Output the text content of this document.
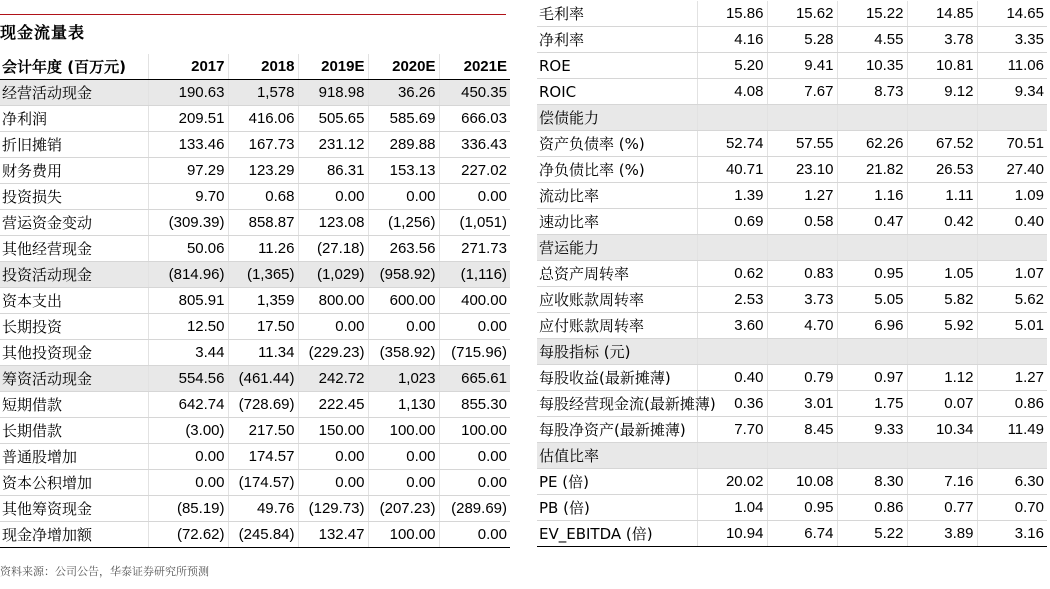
现金流量表
会计年度 (百万元)	2017	2018	2019E	2020E	2021E
经营活动现金	190.63	1,578	918.98	36.26	450.35
净利润	209.51	416.06	505.65	585.69	666.03
折旧摊销	133.46	167.73	231.12	289.88	336.43
财务费用	97.29	123.29	86.31	153.13	227.02
投资损失	9.70	0.68	0.00	0.00	0.00
营运资金变动	(309.39)	858.87	123.08	(1,256)	(1,051)
其他经营现金	50.06	11.26	(27.18)	263.56	271.73
投资活动现金	(814.96)	(1,365)	(1,029)	(958.92)	(1,116)
资本支出	805.91	1,359	800.00	600.00	400.00
长期投资	12.50	17.50	0.00	0.00	0.00
其他投资现金	3.44	11.34	(229.23)	(358.92)	(715.96)
筹资活动现金	554.56	(461.44)	242.72	1,023	665.61
短期借款	642.74	(728.69)	222.45	1,130	855.30
长期借款	(3.00)	217.50	150.00	100.00	100.00
普通股增加	0.00	174.57	0.00	0.00	0.00
资本公积增加	0.00	(174.57)	0.00	0.00	0.00
其他筹资现金	(85.19)	49.76	(129.73)	(207.23)	(289.69)
现金净增加额	(72.62)	(245.84)	132.47	100.00	0.00
毛利率	15.86	15.62	15.22	14.85	14.65
净利率	4.16	5.28	4.55	3.78	3.35
ROE	5.20	9.41	10.35	10.81	11.06
ROIC	4.08	7.67	8.73	9.12	9.34
偿债能力					
资产负债率 (%)	52.74	57.55	62.26	67.52	70.51
净负债比率 (%)	40.71	23.10	21.82	26.53	27.40
流动比率	1.39	1.27	1.16	1.11	1.09
速动比率	0.69	0.58	0.47	0.42	0.40
营运能力					
总资产周转率	0.62	0.83	0.95	1.05	1.07
应收账款周转率	2.53	3.73	5.05	5.82	5.62
应付账款周转率	3.60	4.70	6.96	5.92	5.01
每股指标 (元)					
每股收益(最新摊薄)	0.40	0.79	0.97	1.12	1.27
每股经营现金流(最新摊薄)	0.36	3.01	1.75	0.07	0.86
每股净资产(最新摊薄)	7.70	8.45	9.33	10.34	11.49
估值比率					
PE (倍)	20.02	10.08	8.30	7.16	6.30
PB (倍)	1.04	0.95	0.86	0.77	0.70
EV_EBITDA (倍)	10.94	6.74	5.22	3.89	3.16
资料来源：公司公告，华泰证券研究所预测
